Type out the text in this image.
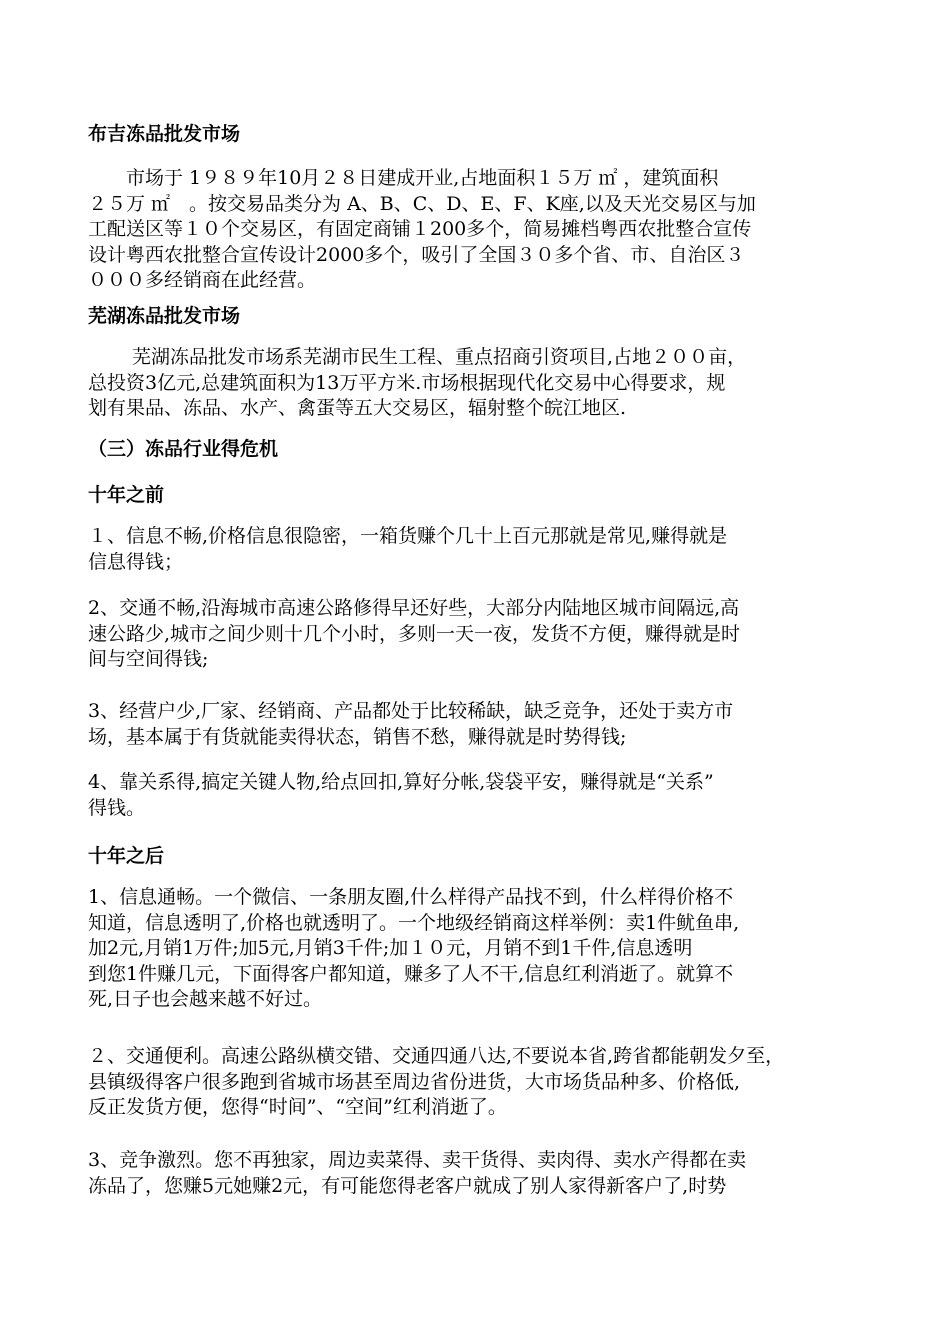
布吉冻品批发市场
　　市场于 1９８９年10月２８日建成开业,占地面积１５万 ㎡ ，建筑面积
２５万 ㎡　。按交易品类分为 A、B、C、D、E、F、K座,以及天光交易区与加
工配送区等１０个交易区，有固定商铺１200多个，简易摊档粤西农批整合宣传
设计粤西农批整合宣传设计2000多个，吸引了全国３０多个省、市、自治区３
０００多经销商在此经营。
芜湖冻品批发市场
　　 芜湖冻品批发市场系芜湖市民生工程、重点招商引资项目,占地２００亩，
总投资3亿元,总建筑面积为13万平方米.市场根据现代化交易中心得要求，规
划有果品、冻品、水产、禽蛋等五大交易区，辐射整个皖江地区.
（三）冻品行业得危机
十年之前
１、信息不畅,价格信息很隐密，一箱货赚个几十上百元那就是常见,赚得就是
信息得钱；
2、交通不畅,沿海城市高速公路修得早还好些，大部分内陆地区城市间隔远,高
速公路少,城市之间少则十几个小时，多则一天一夜，发货不方便，赚得就是时
间与空间得钱;
3、经营户少,厂家、经销商、产品都处于比较稀缺，缺乏竞争，还处于卖方市
场，基本属于有货就能卖得状态，销售不愁，赚得就是时势得钱;
4、靠关系得,搞定关键人物,给点回扣,算好分帐,袋袋平安，赚得就是“关系”
得钱。
十年之后
1、信息通畅。一个微信、一条朋友圈,什么样得产品找不到，什么样得价格不
知道，信息透明了,价格也就透明了。一个地级经销商这样举例：卖1件鱿鱼串,
加2元,月销1万件;加5元,月销3千件;加１０元，月销不到1千件,信息透明
到您1件赚几元，下面得客户都知道，赚多了人不干,信息红利消逝了。就算不
死,日子也会越来越不好过。
２、交通便利。高速公路纵横交错、交通四通八达,不要说本省,跨省都能朝发夕至，
县镇级得客户很多跑到省城市场甚至周边省份进货，大市场货品种多、价格低,
反正发货方便，您得“时间”、“空间”红利消逝了。
3、竞争激烈。您不再独家，周边卖菜得、卖干货得、卖肉得、卖水产得都在卖
冻品了，您赚5元她赚2元，有可能您得老客户就成了别人家得新客户了,时势
